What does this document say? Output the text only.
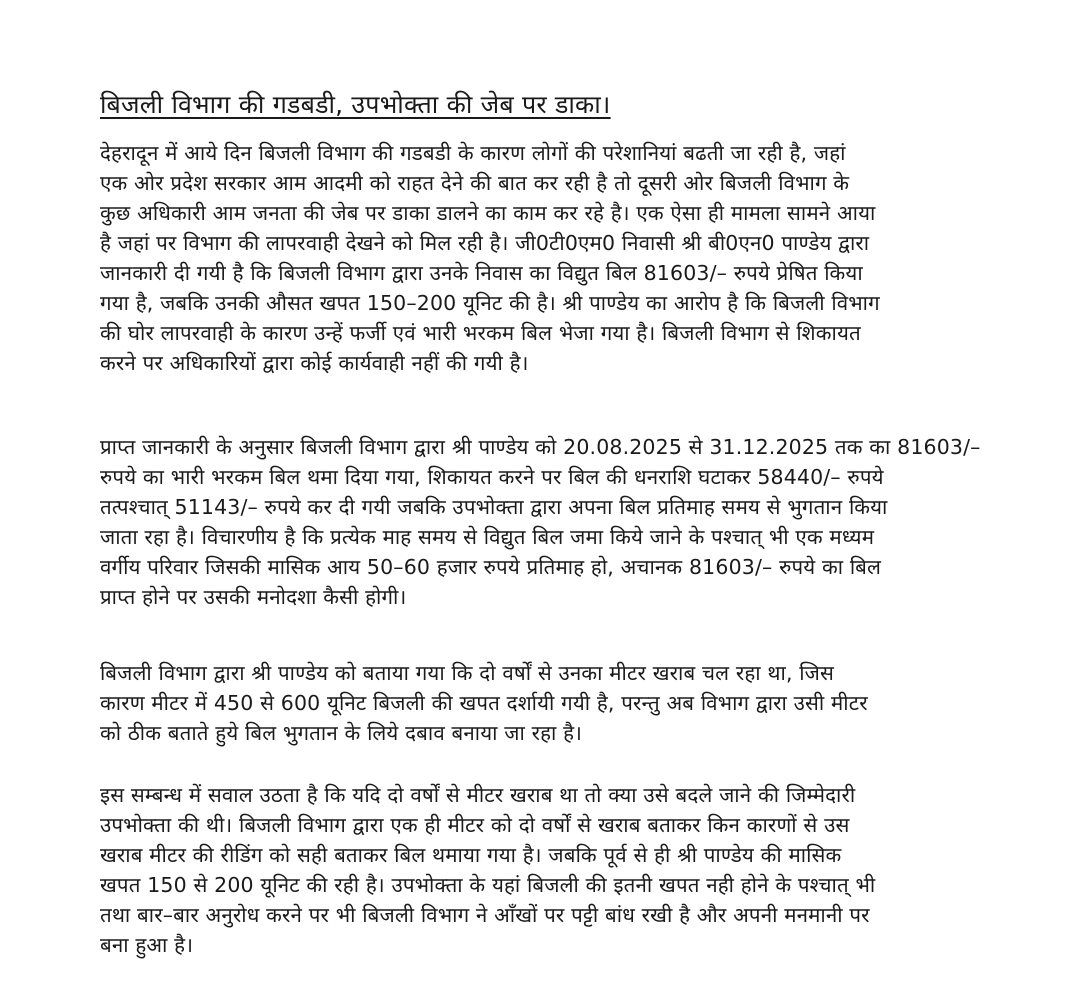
बिजली विभाग की गडबडी, उपभोक्ता की जेब पर डाका।
देहरादून में आये दिन बिजली विभाग की गडबडी के कारण लोगों की परेशानियां बढती जा रही है, जहां
एक ओर प्रदेश सरकार आम आदमी को राहत देने की बात कर रही है तो दूसरी ओर बिजली विभाग के
कुछ अधिकारी आम जनता की जेब पर डाका डालने का काम कर रहे है। एक ऐसा ही मामला सामने आया
है जहां पर विभाग की लापरवाही देखने को मिल रही है। जी0टी0एम0 निवासी श्री बी0एन0 पाण्डेय द्वारा
जानकारी दी गयी है कि बिजली विभाग द्वारा उनके निवास का विद्युत बिल 81603/– रुपये प्रेषित किया
गया है, जबकि उनकी औसत खपत 150–200 यूनिट की है। श्री पाण्डेय का आरोप है कि बिजली विभाग
की घोर लापरवाही के कारण उन्हें फर्जी एवं भारी भरकम बिल भेजा गया है। बिजली विभाग से शिकायत
करने पर अधिकारियों द्वारा कोई कार्यवाही नहीं की गयी है।
प्राप्त जानकारी के अनुसार बिजली विभाग द्वारा श्री पाण्डेय को 20.08.2025 से 31.12.2025 तक का 81603/–
रुपये का भारी भरकम बिल थमा दिया गया, शिकायत करने पर बिल की धनराशि घटाकर 58440/– रुपये
तत्पश्चात् 51143/– रुपये कर दी गयी जबकि उपभोक्ता द्वारा अपना बिल प्रतिमाह समय से भुगतान किया
जाता रहा है। विचारणीय है कि प्रत्येक माह समय से विद्युत बिल जमा किये जाने के पश्चात् भी एक मध्यम
वर्गीय परिवार जिसकी मासिक आय 50–60 हजार रुपये प्रतिमाह हो, अचानक 81603/– रुपये का बिल
प्राप्त होने पर उसकी मनोदशा कैसी होगी।
बिजली विभाग द्वारा श्री पाण्डेय को बताया गया कि दो वर्षों से उनका मीटर खराब चल रहा था, जिस
कारण मीटर में 450 से 600 यूनिट बिजली की खपत दर्शायी गयी है, परन्तु अब विभाग द्वारा उसी मीटर
को ठीक बताते हुये बिल भुगतान के लिये दबाव बनाया जा रहा है।
इस सम्बन्ध में सवाल उठता है कि यदि दो वर्षों से मीटर खराब था तो क्या उसे बदले जाने की जिम्मेदारी
उपभोक्ता की थी। बिजली विभाग द्वारा एक ही मीटर को दो वर्षों से खराब बताकर किन कारणों से उस
खराब मीटर की रीडिंग को सही बताकर बिल थमाया गया है। जबकि पूर्व से ही श्री पाण्डेय की मासिक
खपत 150 से 200 यूनिट की रही है। उपभोक्ता के यहां बिजली की इतनी खपत नही होने के पश्चात् भी
तथा बार–बार अनुरोध करने पर भी बिजली विभाग ने आँखों पर पट्टी बांध रखी है और अपनी मनमानी पर
बना हुआ है।
